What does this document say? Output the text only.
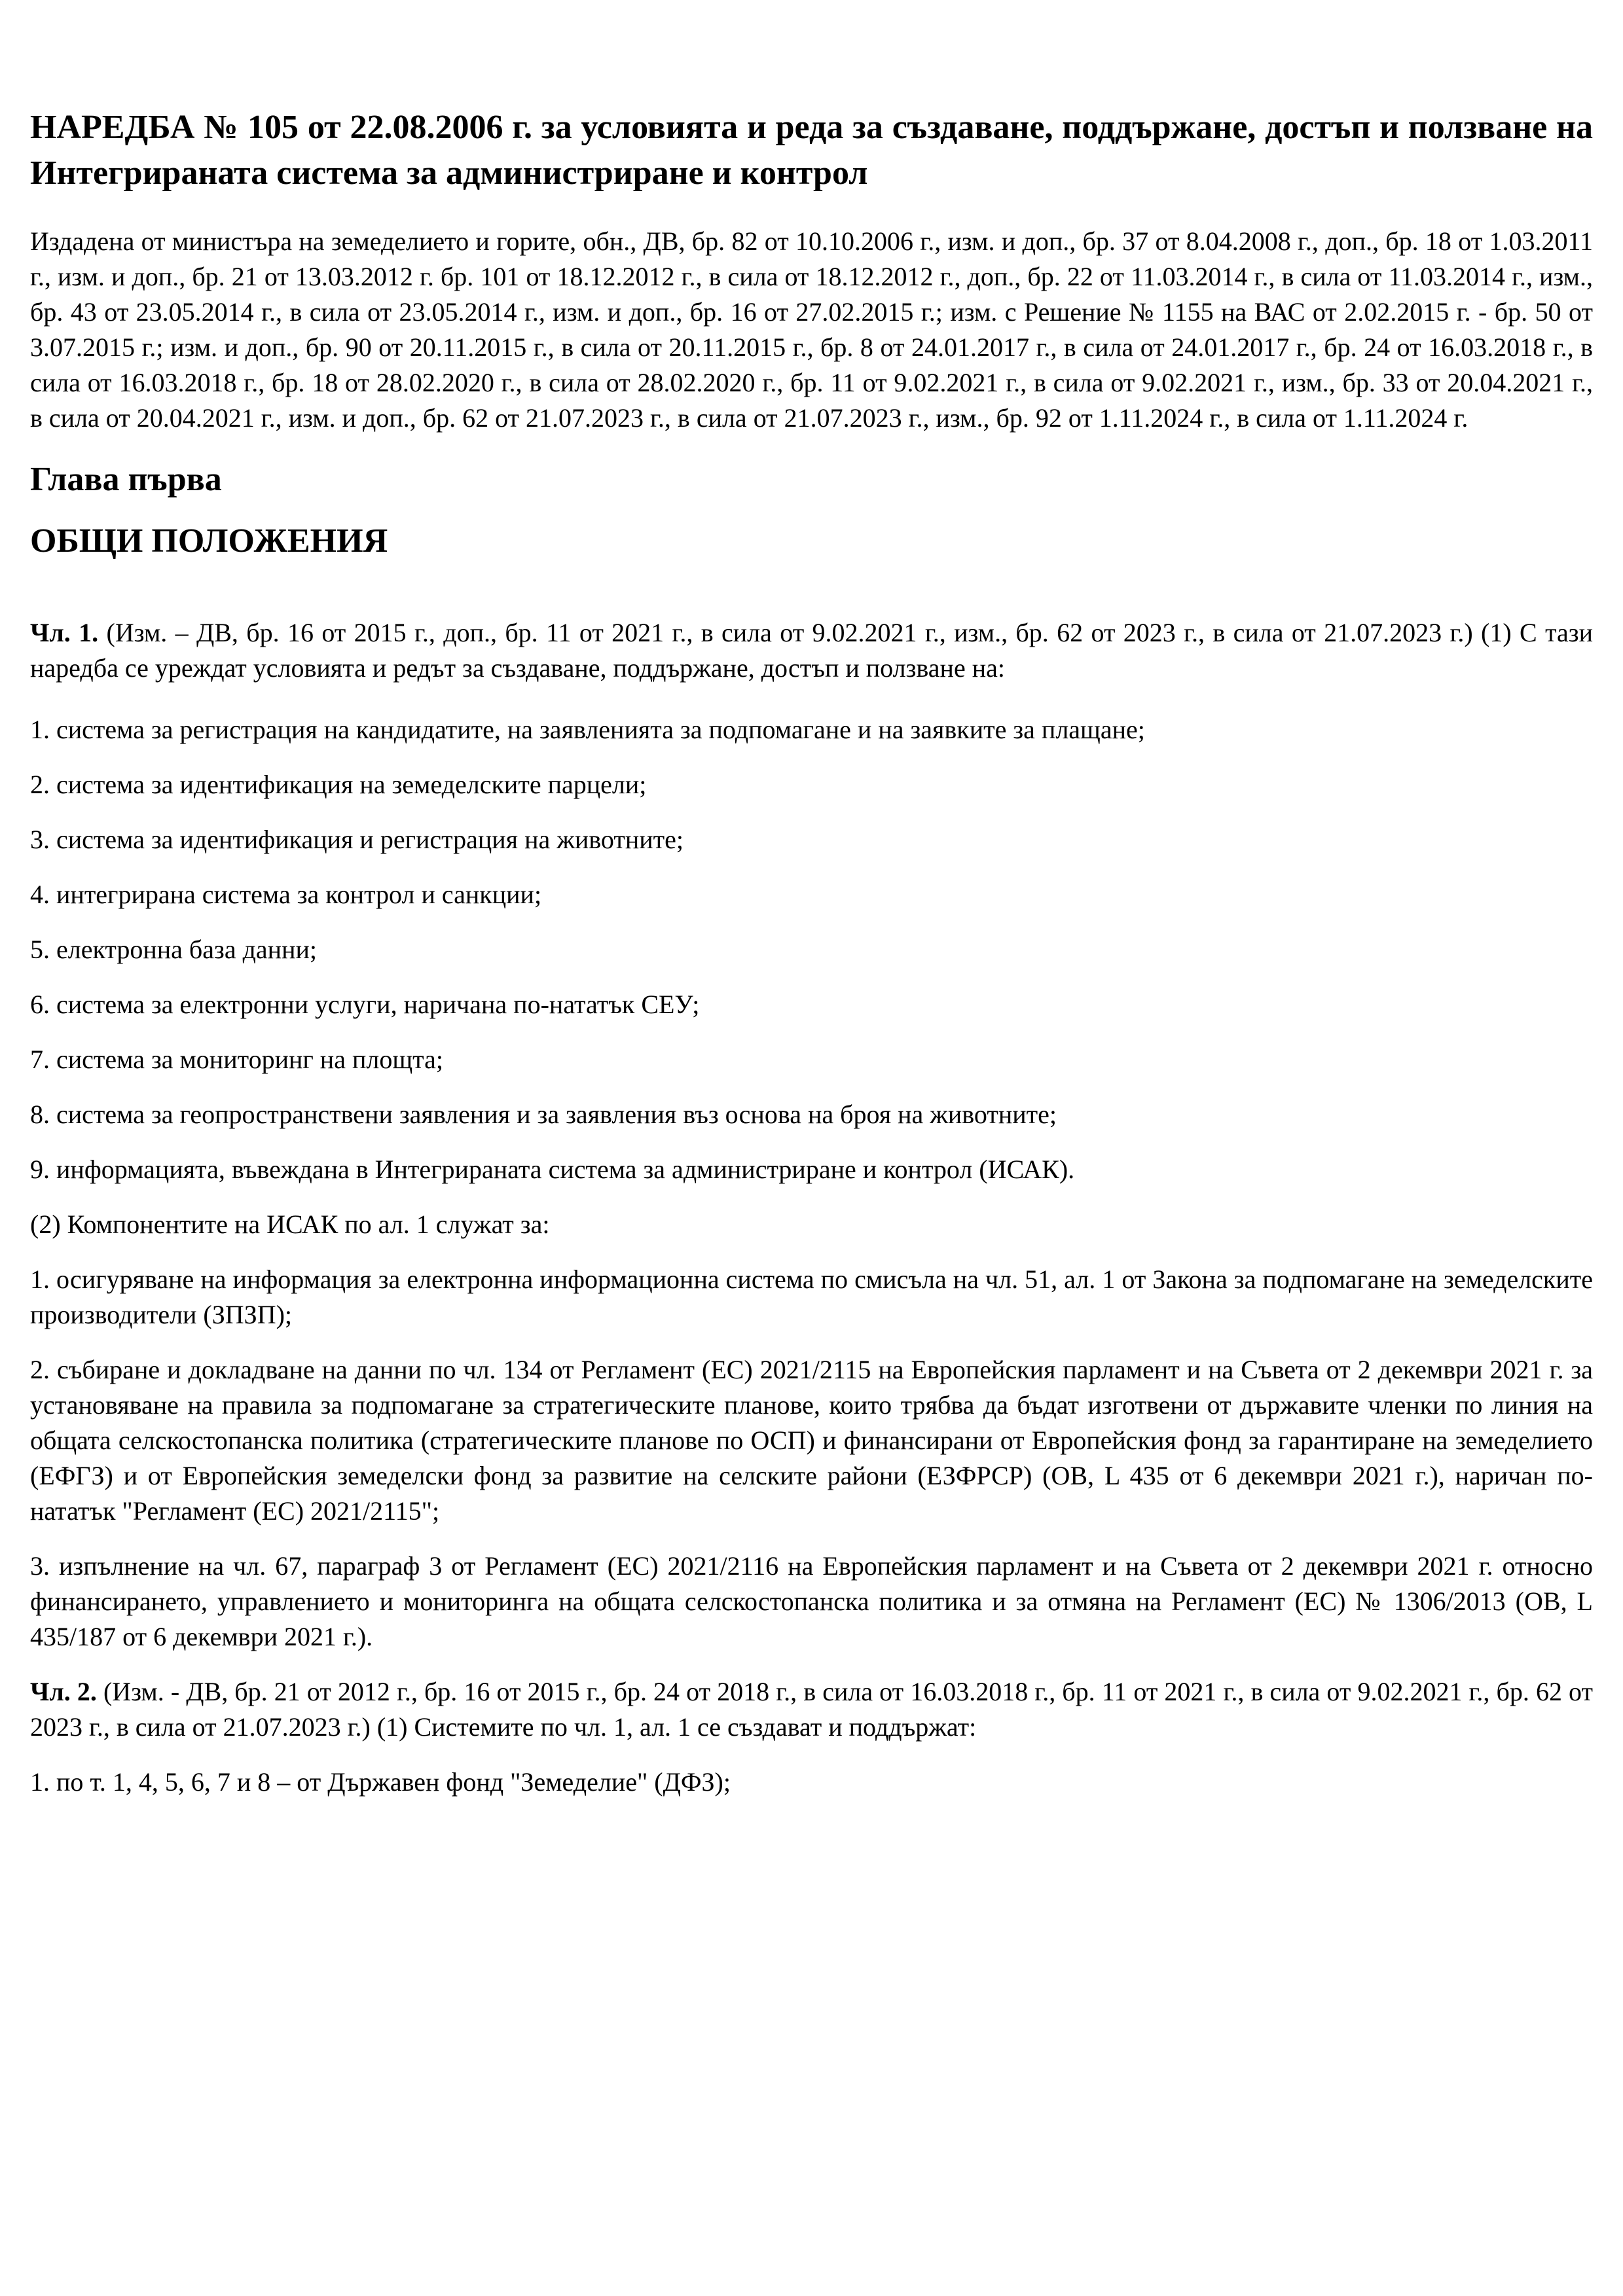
НАРЕДБА № 105 от 22.08.2006 г. за условията и реда за създаване, поддържане, достъп и ползване на Интегрираната система за администриране и контрол

Издадена от министъра на земеделието и горите, обн., ДВ, бр. 82 от 10.10.2006 г., изм. и доп., бр. 37 от 8.04.2008 г., доп., бр. 18 от 1.03.2011 г., изм. и доп., бр. 21 от 13.03.2012 г. бр. 101 от 18.12.2012 г., в сила от 18.12.2012 г., доп., бр. 22 от 11.03.2014 г., в сила от 11.03.2014 г., изм., бр. 43 от 23.05.2014 г., в сила от 23.05.2014 г., изм. и доп., бр. 16 от 27.02.2015 г.; изм. с Решение № 1155 на ВАС от 2.02.2015 г. - бр. 50 от 3.07.2015 г.; изм. и доп., бр. 90 от 20.11.2015 г., в сила от 20.11.2015 г., бр. 8 от 24.01.2017 г., в сила от 24.01.2017 г., бр. 24 от 16.03.2018 г., в сила от 16.03.2018 г., бр. 18 от 28.02.2020 г., в сила от 28.02.2020 г., бр. 11 от 9.02.2021 г., в сила от 9.02.2021 г., изм., бр. 33 от 20.04.2021 г., в сила от 20.04.2021 г., изм. и доп., бр. 62 от 21.07.2023 г., в сила от 21.07.2023 г., изм., бр. 92 от 1.11.2024 г., в сила от 1.11.2024 г.

Глава първа
ОБЩИ ПОЛОЖЕНИЯ

Чл. 1. (Изм. – ДВ, бр. 16 от 2015 г., доп., бр. 11 от 2021 г., в сила от 9.02.2021 г., изм., бр. 62 от 2023 г., в сила от 21.07.2023 г.) (1) С тази наредба се уреждат условията и редът за създаване, поддържане, достъп и ползване на:

1. система за регистрация на кандидатите, на заявленията за подпомагане и на заявките за плащане;

2. система за идентификация на земеделските парцели;

3. система за идентификация и регистрация на животните;

4. интегрирана система за контрол и санкции;

5. електронна база данни;

6. система за електронни услуги, наричана по-нататък СЕУ;

7. система за мониторинг на площта;

8. система за геопространствени заявления и за заявления въз основа на броя на животните;

9. информацията, въвеждана в Интегрираната система за администриране и контрол (ИСАК).

(2) Компонентите на ИСАК по ал. 1 служат за:

1. осигуряване на информация за електронна информационна система по смисъла на чл. 51, ал. 1 от Закона за подпомагане на земеделските производители (ЗПЗП);

2. събиране и докладване на данни по чл. 134 от Регламент (ЕС) 2021/2115 на Европейския парламент и на Съвета от 2 декември 2021 г. за установяване на правила за подпомагане за стратегическите планове, които трябва да бъдат изготвени от държавите членки по линия на общата селскостопанска политика (стратегическите планове по ОСП) и финансирани от Европейския фонд за гарантиране на земеделието (ЕФГЗ) и от Европейския земеделски фонд за развитие на селските райони (ЕЗФРСР) (ОВ, L 435 от 6 декември 2021 г.), наричан по-нататък "Регламент (ЕС) 2021/2115";

3. изпълнение на чл. 67, параграф 3 от Регламент (ЕС) 2021/2116 на Европейския парламент и на Съвета от 2 декември 2021 г. относно финансирането, управлението и мониторинга на общата селскостопанска политика и за отмяна на Регламент (ЕС) № 1306/2013 (ОВ, L 435/187 от 6 декември 2021 г.).

Чл. 2. (Изм. - ДВ, бр. 21 от 2012 г., бр. 16 от 2015 г., бр. 24 от 2018 г., в сила от 16.03.2018 г., бр. 11 от 2021 г., в сила от 9.02.2021 г., бр. 62 от 2023 г., в сила от 21.07.2023 г.) (1) Системите по чл. 1, ал. 1 се създават и поддържат:

1. по т. 1, 4, 5, 6, 7 и 8 – от Държавен фонд "Земеделие" (ДФЗ);
